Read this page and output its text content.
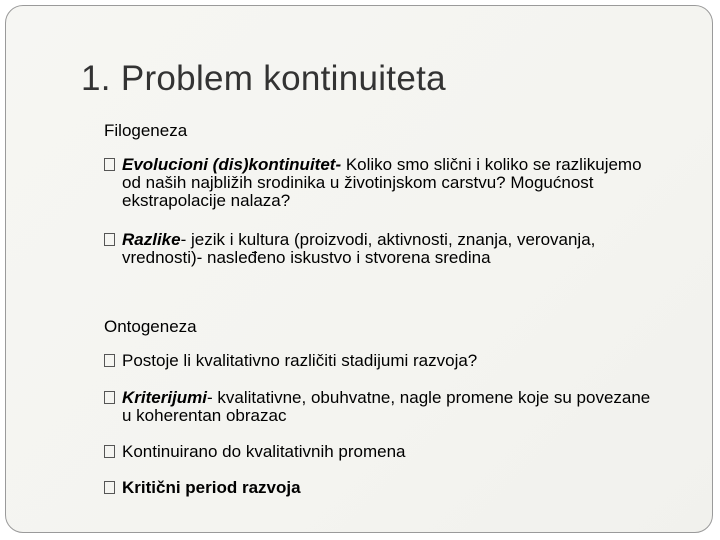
1. Problem kontinuiteta
Filogeneza
Evolucioni (dis)kontinuitet- Koliko smo slični i koliko se razlikujemo od naših najbližih srodinika u životinjskom carstvu? Mogućnost ekstrapolacije nalaza?
Razlike- jezik i kultura (proizvodi, aktivnosti, znanja, verovanja, vrednosti)- nasleđeno iskustvo i stvorena sredina
Ontogeneza
Postoje li kvalitativno različiti stadijumi razvoja?
Kriterijumi- kvalitativne, obuhvatne, nagle promene koje su povezane u koherentan obrazac
Kontinuirano do kvalitativnih promena
Kritični period razvoja
